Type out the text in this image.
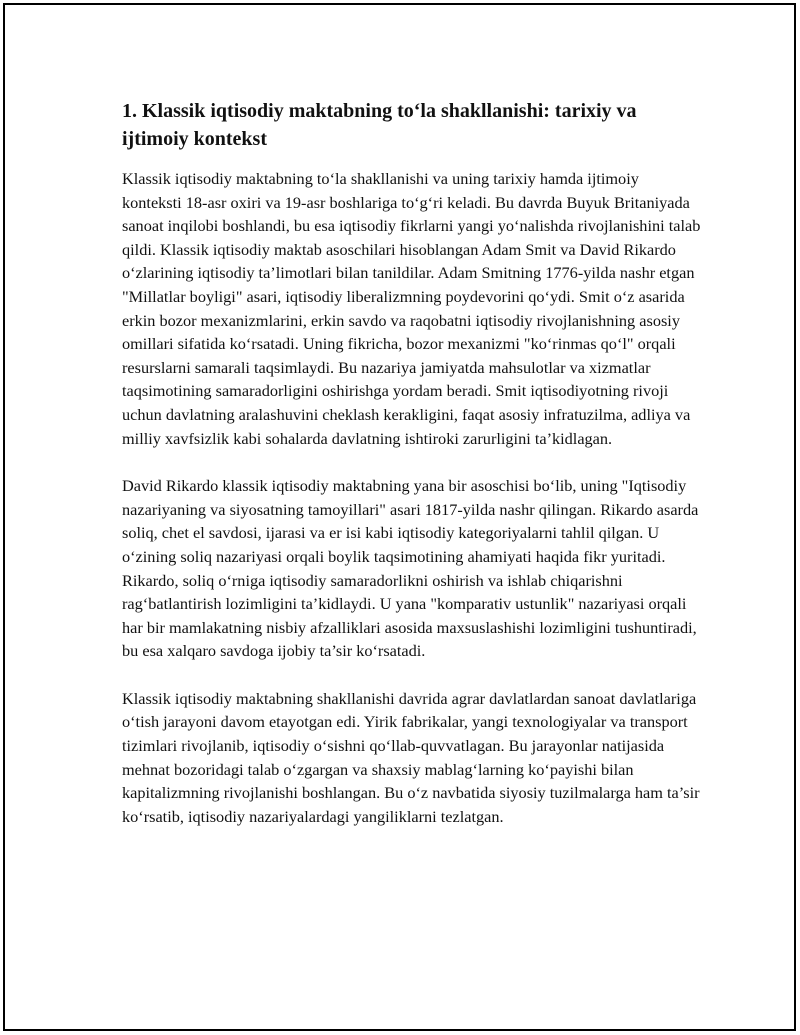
1. Klassik iqtisodiy maktabning to‘la shakllanishi: tarixiy va ijtimoiy kontekst

Klassik iqtisodiy maktabning to‘la shakllanishi va uning tarixiy hamda ijtimoiy konteksti 18-asr oxiri va 19-asr boshlariga to‘g‘ri keladi. Bu davrda Buyuk Britaniyada sanoat inqilobi boshlandi, bu esa iqtisodiy fikrlarni yangi yo‘nalishda rivojlanishini talab qildi. Klassik iqtisodiy maktab asoschilari hisoblangan Adam Smit va David Rikardo o‘zlarining iqtisodiy ta’limotlari bilan tanildilar. Adam Smitning 1776-yilda nashr etgan "Millatlar boyligi" asari, iqtisodiy liberalizmning poydevorini qo‘ydi. Smit o‘z asarida erkin bozor mexanizmlarini, erkin savdo va raqobatni iqtisodiy rivojlanishning asosiy omillari sifatida ko‘rsatadi. Uning fikricha, bozor mexanizmi "ko‘rinmas qo‘l" orqali resurslarni samarali taqsimlaydi. Bu nazariya jamiyatda mahsulotlar va xizmatlar taqsimotining samaradorligini oshirishga yordam beradi. Smit iqtisodiyotning rivoji uchun davlatning aralashuvini cheklash kerakligini, faqat asosiy infratuzilma, adliya va milliy xavfsizlik kabi sohalarda davlatning ishtiroki zarurligini ta’kidlagan.

David Rikardo klassik iqtisodiy maktabning yana bir asoschisi bo‘lib, uning "Iqtisodiy nazariyaning va siyosatning tamoyillari" asari 1817-yilda nashr qilingan. Rikardo asarda soliq, chet el savdosi, ijarasi va er isi kabi iqtisodiy kategoriyalarni tahlil qilgan. U o‘zining soliq nazariyasi orqali boylik taqsimotining ahamiyati haqida fikr yuritadi. Rikardo, soliq o‘rniga iqtisodiy samaradorlikni oshirish va ishlab chiqarishni rag‘batlantirish lozimligini ta’kidlaydi. U yana "komparativ ustunlik" nazariyasi orqali har bir mamlakatning nisbiy afzalliklari asosida maxsuslashishi lozimligini tushuntiradi, bu esa xalqaro savdoga ijobiy ta’sir ko‘rsatadi.

Klassik iqtisodiy maktabning shakllanishi davrida agrar davlatlardan sanoat davlatlariga o‘tish jarayoni davom etayotgan edi. Yirik fabrikalar, yangi texnologiyalar va transport tizimlari rivojlanib, iqtisodiy o‘sishni qo‘llab-quvvatlagan. Bu jarayonlar natijasida mehnat bozoridagi talab o‘zgargan va shaxsiy mablag‘larning ko‘payishi bilan kapitalizmning rivojlanishi boshlangan. Bu o‘z navbatida siyosiy tuzilmalarga ham ta’sir ko‘rsatib, iqtisodiy nazariyalardagi yangiliklarni tezlatgan.
